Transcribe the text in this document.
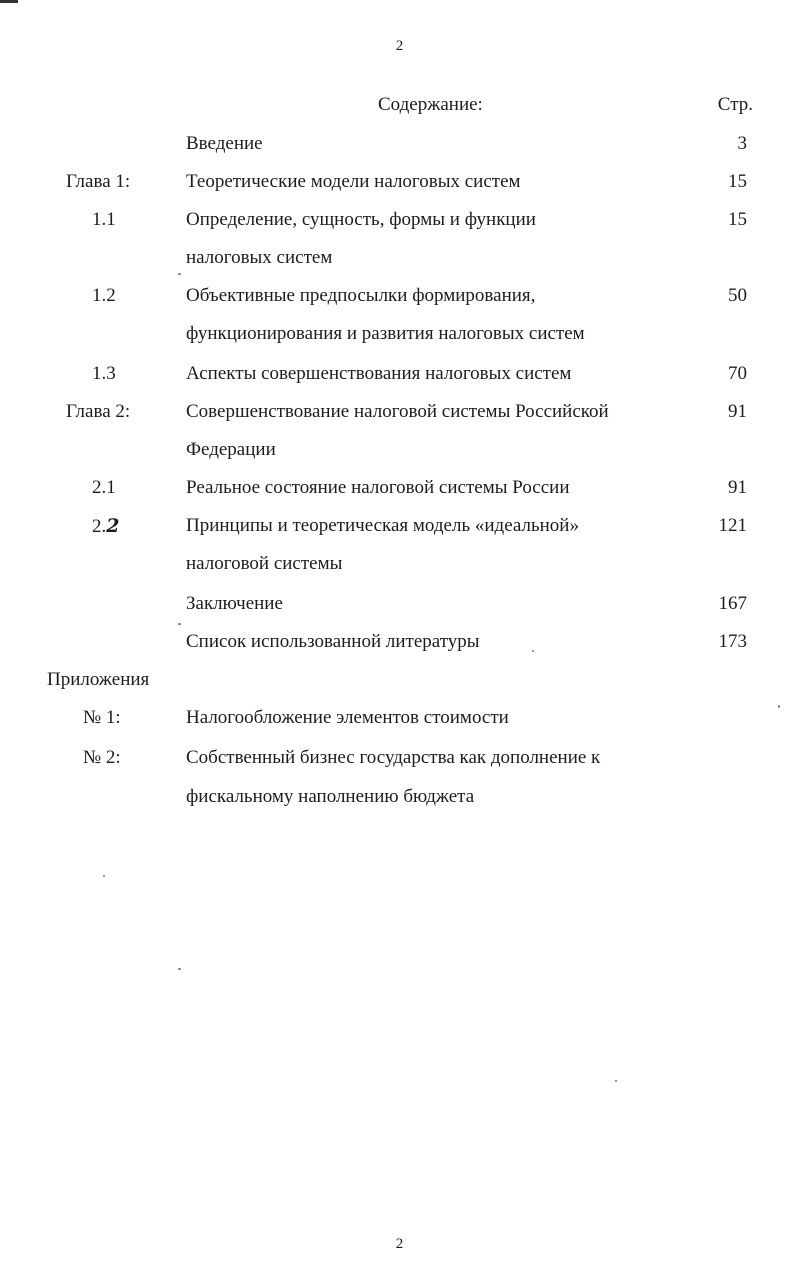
2
Содержание:	Стр.
Введение	3
Глава 1:	Теоретические модели налоговых систем	15
1.1	Определение, сущность, формы и функции	15
налоговых систем
1.2	Объективные предпосылки формирования,	50
функционирования и развития налоговых систем
1.3	Аспекты совершенствования налоговых систем	70
Глава 2:	Совершенствование налоговой системы Российской	91
Федерации
2.1	Реальное состояние налоговой системы России	91
2.2	Принципы и теоретическая модель «идеальной»	121
налоговой системы
Заключение	167
Список использованной литературы	173
Приложения
№ 1:	Налогообложение элементов стоимости
№ 2:	Собственный бизнес государства как дополнение к
фискальному наполнению бюджета
2
